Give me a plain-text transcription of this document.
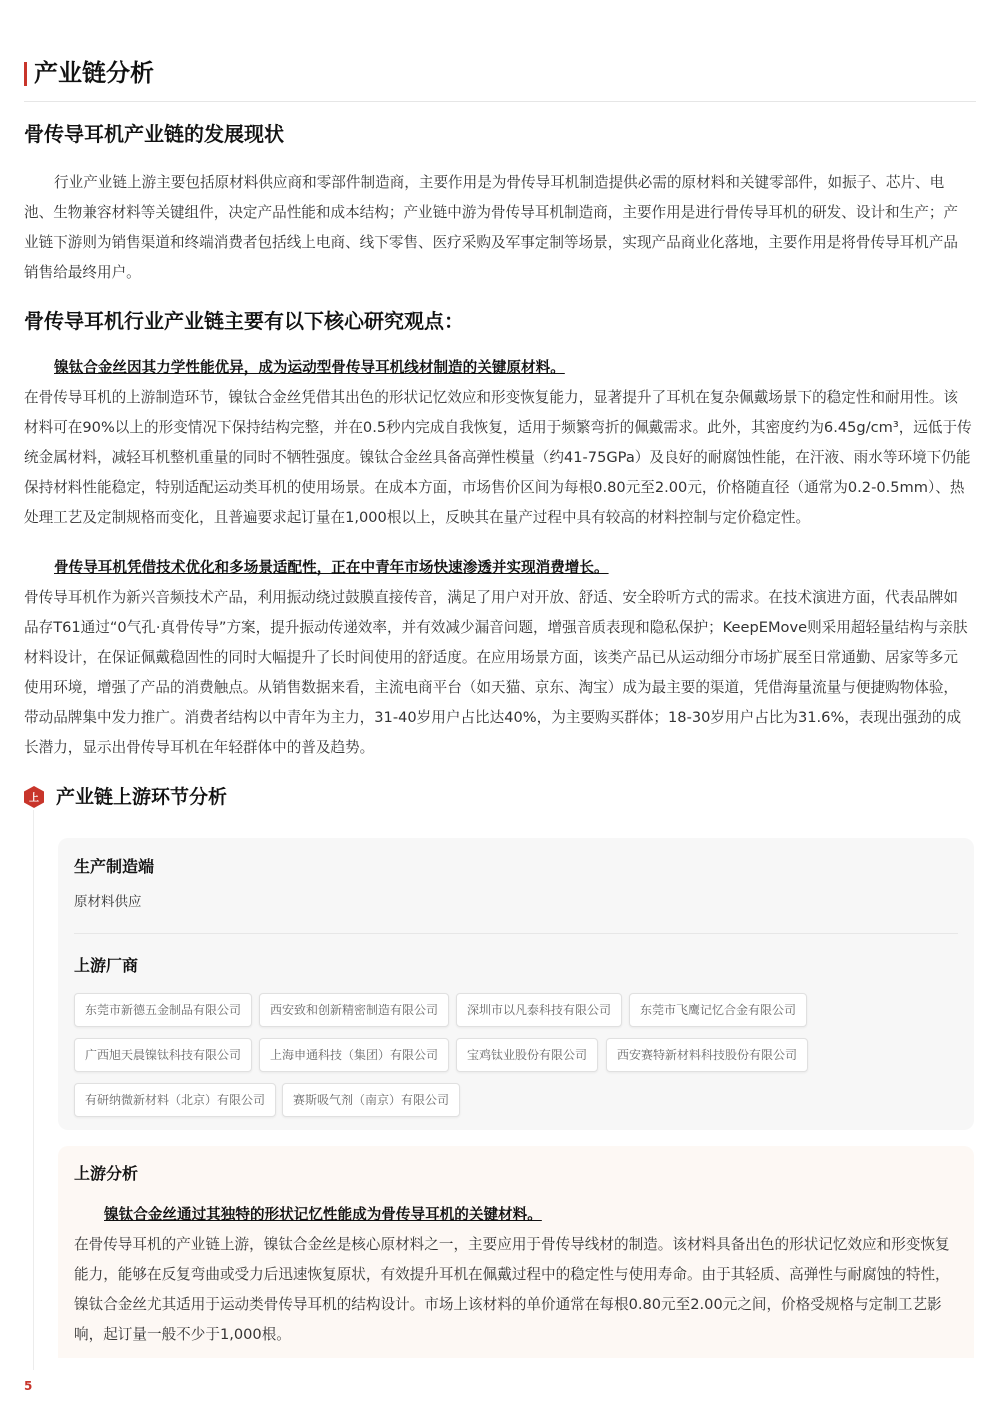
产业链分析
骨传导耳机产业链的发展现状

行业产业链上游主要包括原材料供应商和零部件制造商，主要作用是为骨传导耳机制造提供必需的原材料和关键零部件，如振子、芯片、电池、生物兼容材料等关键组件，决定产品性能和成本结构；产业链中游为骨传导耳机制造商，主要作用是进行骨传导耳机的研发、设计和生产；产业链下游则为销售渠道和终端消费者包括线上电商、线下零售、医疗采购及军事定制等场景，实现产品商业化落地，主要作用是将骨传导耳机产品销售给最终用户。

骨传导耳机行业产业链主要有以下核心研究观点：
镍钛合金丝因其力学性能优异，成为运动型骨传导耳机线材制造的关键原材料。

在骨传导耳机的上游制造环节，镍钛合金丝凭借其出色的形状记忆效应和形变恢复能力，显著提升了耳机在复杂佩戴场景下的稳定性和耐用性。该材料可在90%以上的形变情况下保持结构完整，并在0.5秒内完成自我恢复，适用于频繁弯折的佩戴需求。此外，其密度约为6.45g/cm³，远低于传统金属材料，减轻耳机整机重量的同时不牺牲强度。镍钛合金丝具备高弹性模量（约41-75GPa）及良好的耐腐蚀性能，在汗液、雨水等环境下仍能保持材料性能稳定，特别适配运动类耳机的使用场景。在成本方面，市场售价区间为每根0.80元至2.00元，价格随直径（通常为0.2-0.5mm）、热处理工艺及定制规格而变化，且普遍要求起订量在1,000根以上，反映其在量产过程中具有较高的材料控制与定价稳定性。

骨传导耳机凭借技术优化和多场景适配性，正在中青年市场快速渗透并实现消费增长。

骨传导耳机作为新兴音频技术产品，利用振动绕过鼓膜直接传音，满足了用户对开放、舒适、安全聆听方式的需求。在技术演进方面，代表品牌如品存T61通过“0气孔·真骨传导”方案，提升振动传递效率，并有效减少漏音问题，增强音质表现和隐私保护；KeepEMove则采用超轻量结构与亲肤材料设计，在保证佩戴稳固性的同时大幅提升了长时间使用的舒适度。在应用场景方面，该类产品已从运动细分市场扩展至日常通勤、居家等多元使用环境，增强了产品的消费触点。从销售数据来看，主流电商平台（如天猫、京东、淘宝）成为最主要的渠道，凭借海量流量与便捷购物体验，带动品牌集中发力推广。消费者结构以中青年为主力，31-40岁用户占比达40%，为主要购买群体；18-30岁用户占比为31.6%，表现出强劲的成长潜力，显示出骨传导耳机在年轻群体中的普及趋势。

上 产业链上游环节分析
生产制造端
原材料供应
上游厂商
东莞市新德五金制品有限公司	西安致和创新精密制造有限公司	深圳市以凡泰科技有限公司	东莞市飞鹰记忆合金有限公司
广西旭天晨镍钛科技有限公司	上海申通科技（集团）有限公司	宝鸡钛业股份有限公司	西安赛特新材料科技股份有限公司
有研纳微新材料（北京）有限公司	赛斯吸气剂（南京）有限公司
上游分析
镍钛合金丝通过其独特的形状记忆性能成为骨传导耳机的关键材料。

在骨传导耳机的产业链上游，镍钛合金丝是核心原材料之一，主要应用于骨传导线材的制造。该材料具备出色的形状记忆效应和形变恢复能力，能够在反复弯曲或受力后迅速恢复原状，有效提升耳机在佩戴过程中的稳定性与使用寿命。由于其轻质、高弹性与耐腐蚀的特性，镍钛合金丝尤其适用于运动类骨传导耳机的结构设计。市场上该材料的单价通常在每根0.80元至2.00元之间，价格受规格与定制工艺影响，起订量一般不少于1,000根。

5
